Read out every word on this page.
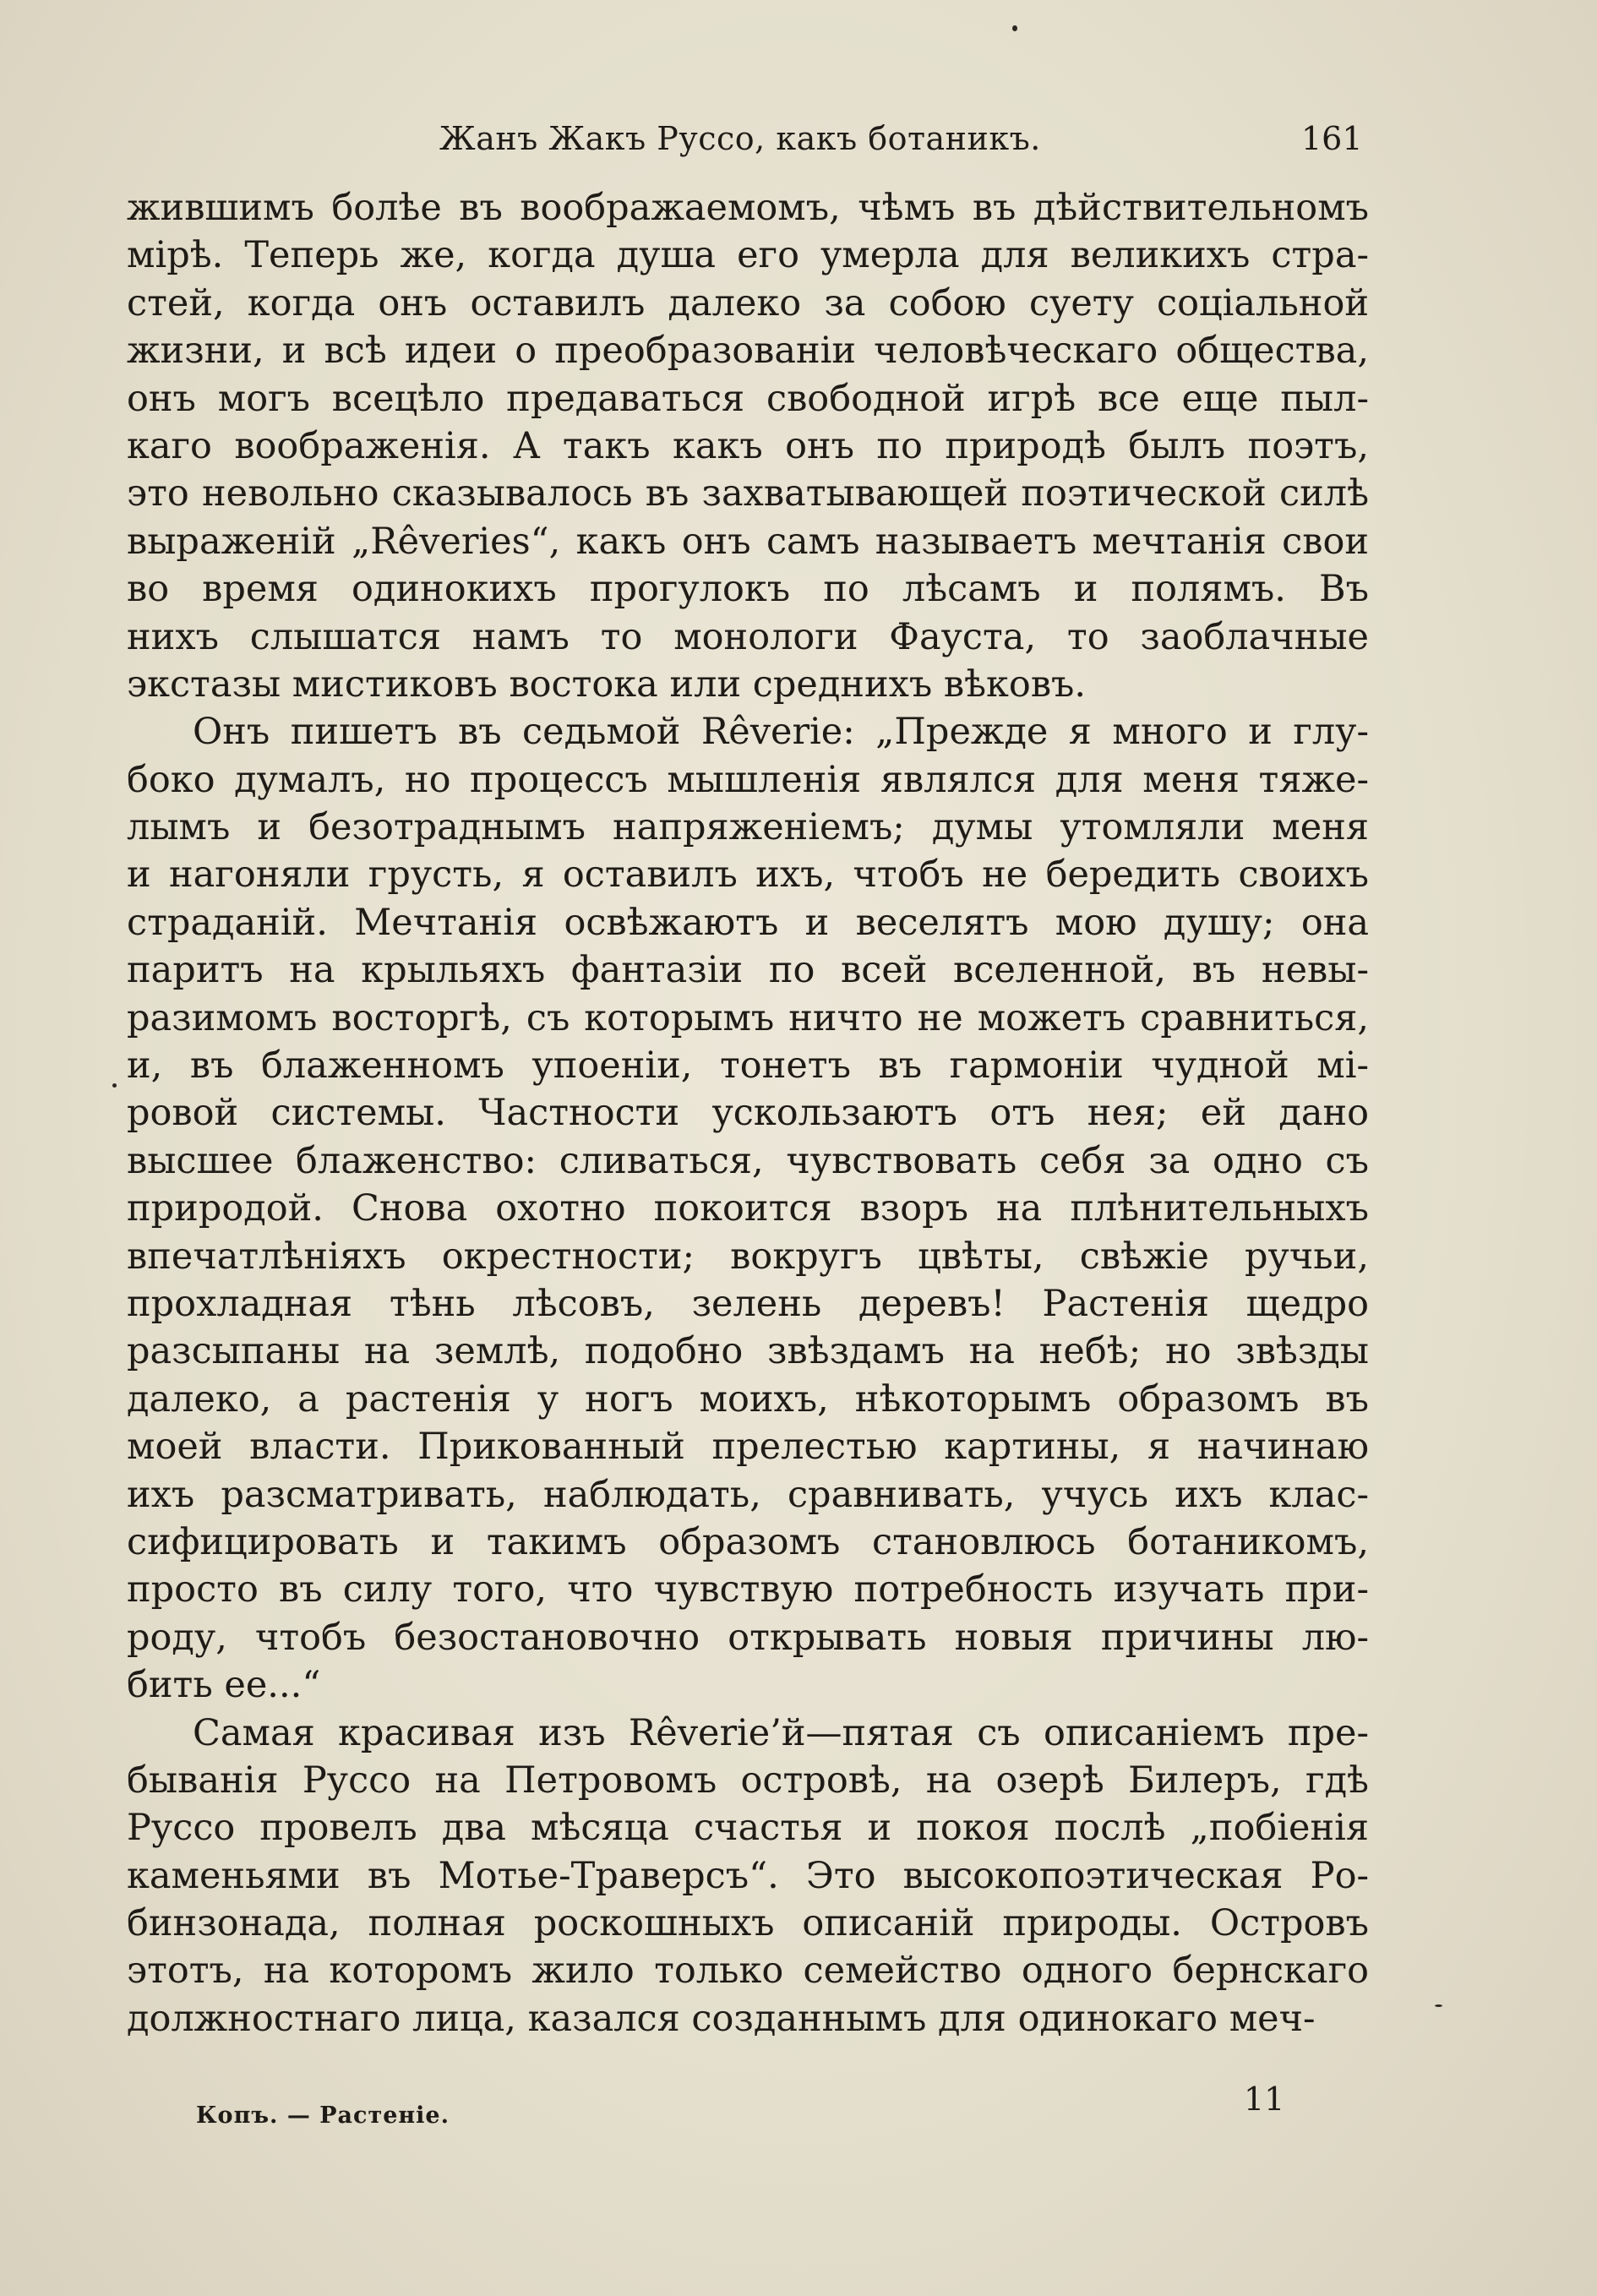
Жанъ Жакъ Руссо, какъ ботаникъ.	161
жившимъ болѣе въ воображаемомъ, чѣмъ въ дѣйствительномъ
мірѣ. Теперь же, когда душа его умерла для великихъ стра-
стей, когда онъ оставилъ далеко за собою суету соціальной
жизни, и всѣ идеи о преобразованіи человѣческаго общества,
онъ могъ всецѣло предаваться свободной игрѣ все еще пыл-
каго воображенія. А такъ какъ онъ по природѣ былъ поэтъ,
это невольно сказывалось въ захватывающей поэтической силѣ
выраженій „Rêveries“, какъ онъ самъ называетъ мечтанія свои
во время одинокихъ прогулокъ по лѣсамъ и полямъ. Въ
нихъ слышатся намъ то монологи Фауста, то заоблачные
экстазы мистиковъ востока или среднихъ вѣковъ.
Онъ пишетъ въ седьмой Rêverie: „Прежде я много и глу-
боко думалъ, но процессъ мышленія являлся для меня тяже-
лымъ и безотраднымъ напряженіемъ; думы утомляли меня
и нагоняли грусть, я оставилъ ихъ, чтобъ не бередить своихъ
страданій. Мечтанія освѣжаютъ и веселятъ мою душу; она
паритъ на крыльяхъ фантазіи по всей вселенной, въ невы-
разимомъ восторгѣ, съ которымъ ничто не можетъ сравниться,
и, въ блаженномъ упоеніи, тонетъ въ гармоніи чудной мі-
ровой системы. Частности ускользаютъ отъ нея; ей дано
высшее блаженство: сливаться, чувствовать себя за одно съ
природой. Снова охотно покоится взоръ на плѣнительныхъ
впечатлѣніяхъ окрестности; вокругъ цвѣты, свѣжіе ручьи,
прохладная тѣнь лѣсовъ, зелень деревъ! Растенія щедро
разсыпаны на землѣ, подобно звѣздамъ на небѣ; но звѣзды
далеко, а растенія у ногъ моихъ, нѣкоторымъ образомъ въ
моей власти. Прикованный прелестью картины, я начинаю
ихъ разсматривать, наблюдать, сравнивать, учусь ихъ клас-
сифицировать и такимъ образомъ становлюсь ботаникомъ,
просто въ силу того, что чувствую потребность изучать при-
роду, чтобъ безостановочно открывать новыя причины лю-
бить ее...“
Самая красивая изъ Rêverie’й—пятая съ описаніемъ пре-
быванія Руссо на Петровомъ островѣ, на озерѣ Билеръ, гдѣ
Руссо провелъ два мѣсяца счастья и покоя послѣ „побіенія
каменьями въ Мотье-Траверсъ“. Это высокопоэтическая Ро-
бинзонада, полная роскошныхъ описаній природы. Островъ
этотъ, на которомъ жило только семейство одного бернскаго
должностнаго лица, казался созданнымъ для одинокаго меч-
11
Копъ. — Растеніе.
